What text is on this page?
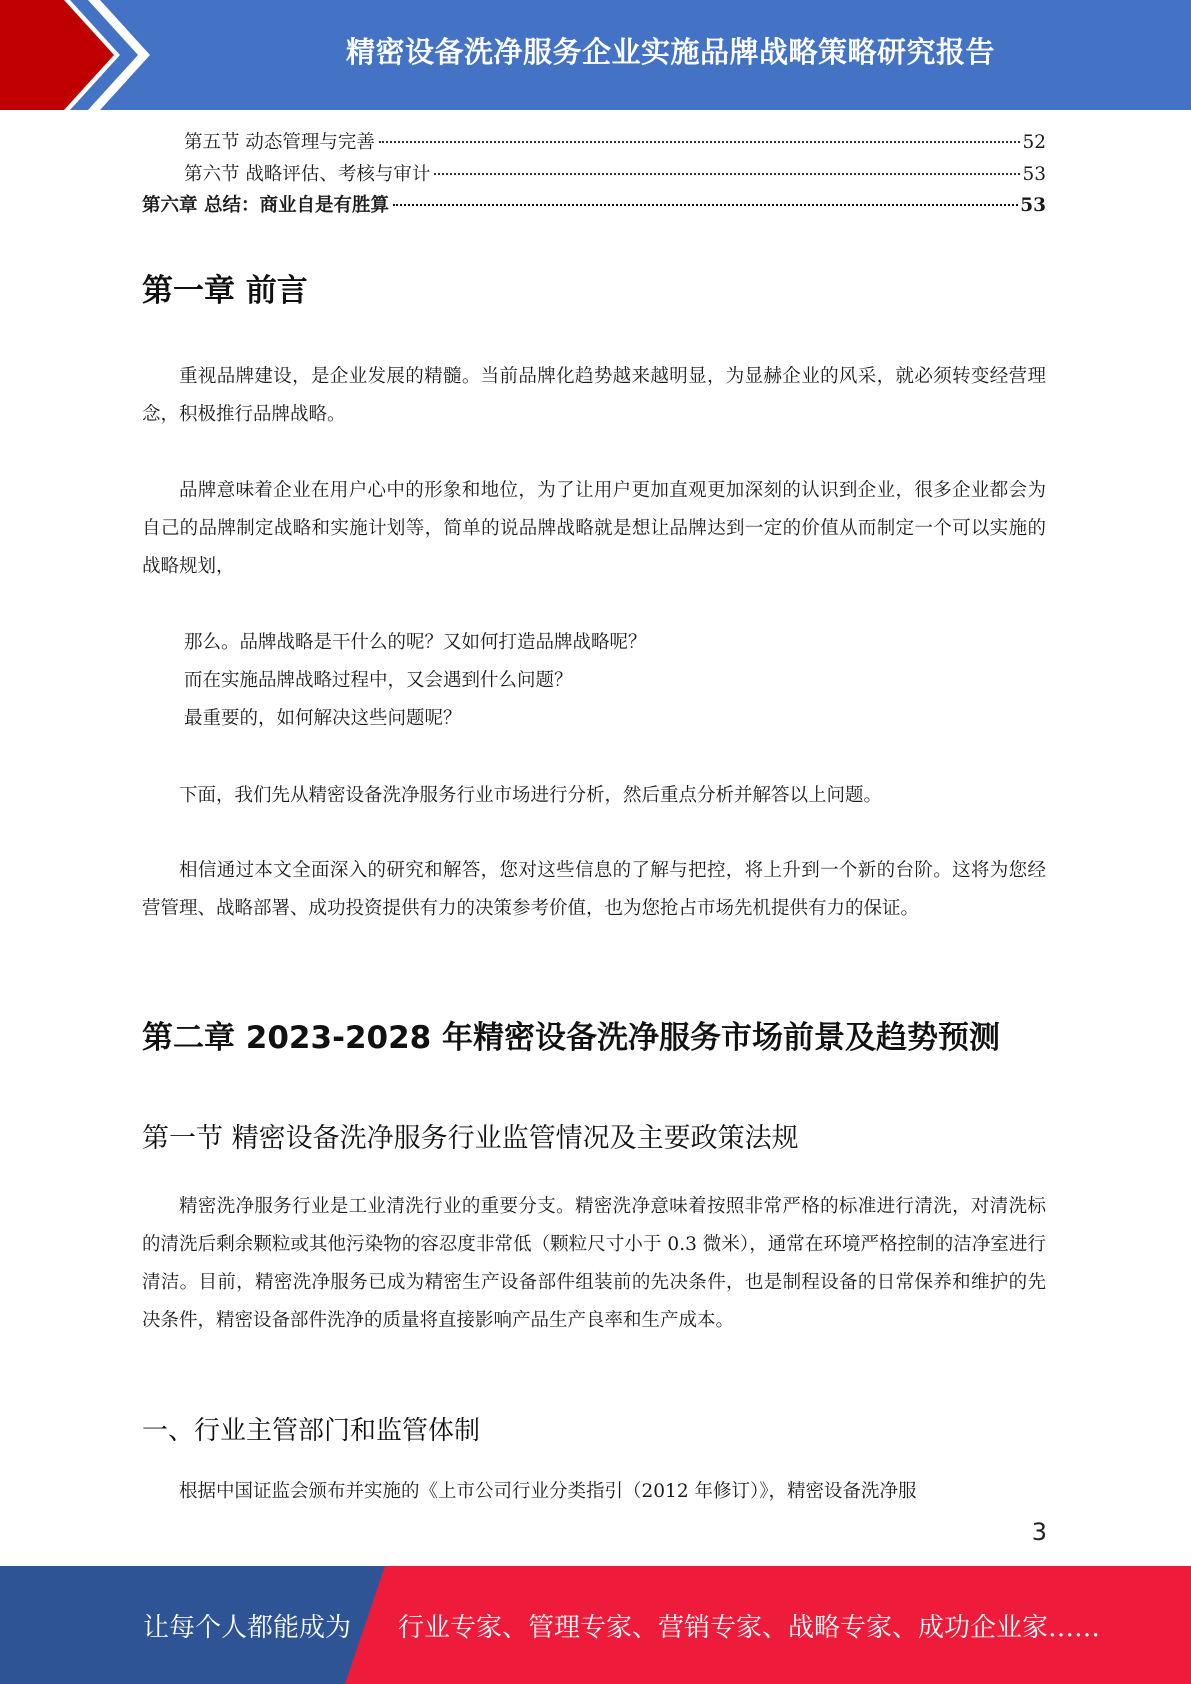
精密设备洗净服务企业实施品牌战略策略研究报告
第五节 动态管理与完善	52
第六节 战略评估、考核与审计	53
第六章 总结：商业自是有胜算	53
第一章 前言

重视品牌建设，是企业发展的精髓。当前品牌化趋势越来越明显，为显赫企业的风采，就必须转变经营理念，积极推行品牌战略。

品牌意味着企业在用户心中的形象和地位，为了让用户更加直观更加深刻的认识到企业，很多企业都会为自己的品牌制定战略和实施计划等，简单的说品牌战略就是想让品牌达到一定的价值从而制定一个可以实施的战略规划，

那么。品牌战略是干什么的呢？又如何打造品牌战略呢？

而在实施品牌战略过程中，又会遇到什么问题？

最重要的，如何解决这些问题呢？

下面，我们先从精密设备洗净服务行业市场进行分析，然后重点分析并解答以上问题。

相信通过本文全面深入的研究和解答，您对这些信息的了解与把控，将上升到一个新的台阶。这将为您经营管理、战略部署、成功投资提供有力的决策参考价值，也为您抢占市场先机提供有力的保证。

第二章 2023-2028 年精密设备洗净服务市场前景及趋势预测
第一节 精密设备洗净服务行业监管情况及主要政策法规

精密洗净服务行业是工业清洗行业的重要分支。精密洗净意味着按照非常严格的标准进行清洗，对清洗标的清洗后剩余颗粒或其他污染物的容忍度非常低（颗粒尺寸小于 0.3 微米），通常在环境严格控制的洁净室进行清洁。目前，精密洗净服务已成为精密生产设备部件组装前的先决条件，也是制程设备的日常保养和维护的先决条件，精密设备部件洗净的质量将直接影响产品生产良率和生产成本。

一、行业主管部门和监管体制

根据中国证监会颁布并实施的《上市公司行业分类指引（2012 年修订）》，精密设备洗净服

3
让每个人都能成为 行业专家、管理专家、营销专家、战略专家、成功企业家……
